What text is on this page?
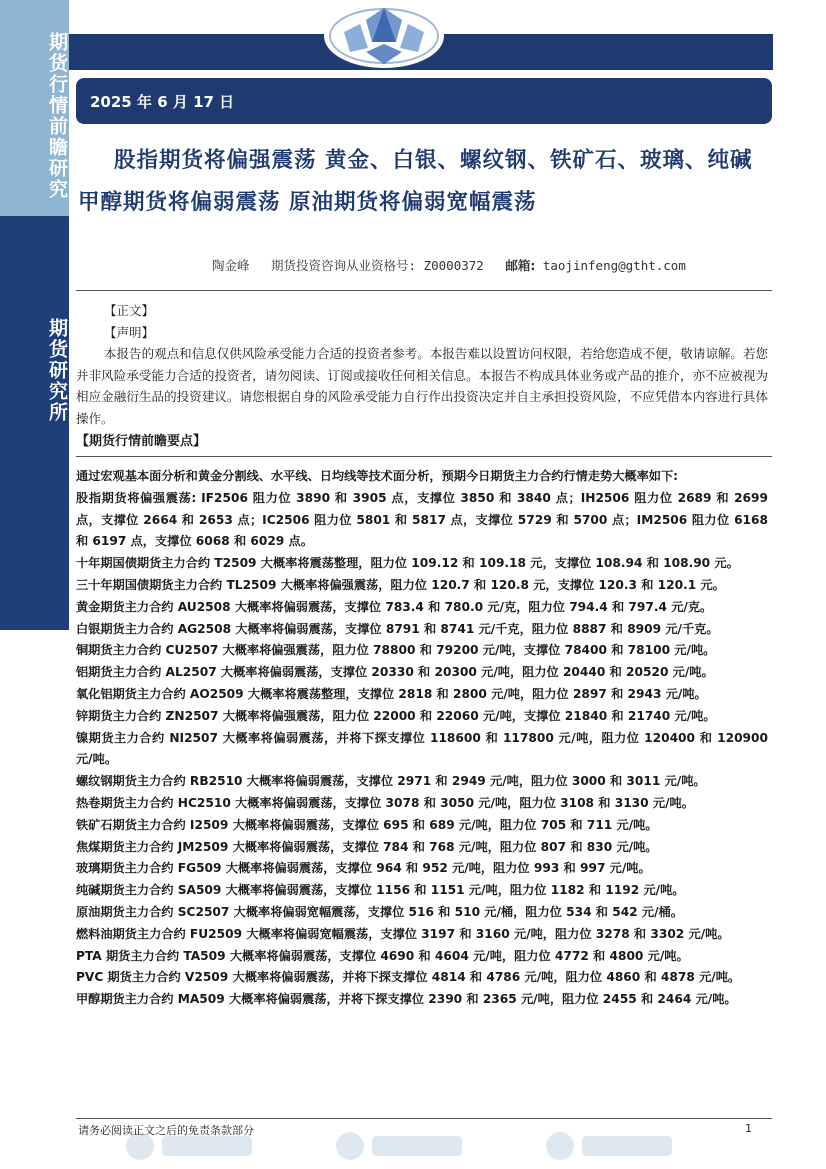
期货行情前瞻研究
期货研究所
2025 年 6 月 17 日
股指期货将偏强震荡 黄金、白银、螺纹钢、铁矿石、玻璃、纯碱甲醇期货将偏弱震荡 原油期货将偏弱宽幅震荡
陶金峰 期货投资咨询从业资格号: Z0000372 邮箱: taojinfeng@gtht.com
【正文】
【声明】

本报告的观点和信息仅供风险承受能力合适的投资者参考。本报告难以设置访问权限，若给您造成不便，敬请谅解。若您并非风险承受能力合适的投资者，请勿阅读、订阅或接收任何相关信息。本报告不构成具体业务或产品的推介，亦不应被视为相应金融衍生品的投资建议。请您根据自身的风险承受能力自行作出投资决定并自主承担投资风险，不应凭借本内容进行具体操作。

【期货行情前瞻要点】

通过宏观基本面分析和黄金分割线、水平线、日均线等技术面分析，预期今日期货主力合约行情走势大概率如下:

股指期货将偏强震荡: IF2506 阻力位 3890 和 3905 点，支撑位 3850 和 3840 点；IH2506 阻力位 2689 和 2699 点，支撑位 2664 和 2653 点；IC2506 阻力位 5801 和 5817 点，支撑位 5729 和 5700 点；IM2506 阻力位 6168 和 6197 点，支撑位 6068 和 6029 点。

十年期国债期货主力合约 T2509 大概率将震荡整理，阻力位 109.12 和 109.18 元，支撑位 108.94 和 108.90 元。

三十年期国债期货主力合约 TL2509 大概率将偏强震荡，阻力位 120.7 和 120.8 元，支撑位 120.3 和 120.1 元。

黄金期货主力合约 AU2508 大概率将偏弱震荡，支撑位 783.4 和 780.0 元/克，阻力位 794.4 和 797.4 元/克。

白银期货主力合约 AG2508 大概率将偏弱震荡，支撑位 8791 和 8741 元/千克，阻力位 8887 和 8909 元/千克。

铜期货主力合约 CU2507 大概率将偏强震荡，阻力位 78800 和 79200 元/吨，支撑位 78400 和 78100 元/吨。

铝期货主力合约 AL2507 大概率将偏弱震荡，支撑位 20330 和 20300 元/吨，阻力位 20440 和 20520 元/吨。

氧化铝期货主力合约 AO2509 大概率将震荡整理，支撑位 2818 和 2800 元/吨，阻力位 2897 和 2943 元/吨。

锌期货主力合约 ZN2507 大概率将偏强震荡，阻力位 22000 和 22060 元/吨，支撑位 21840 和 21740 元/吨。

镍期货主力合约 NI2507 大概率将偏弱震荡，并将下探支撑位 118600 和 117800 元/吨，阻力位 120400 和 120900 元/吨。

螺纹钢期货主力合约 RB2510 大概率将偏弱震荡，支撑位 2971 和 2949 元/吨，阻力位 3000 和 3011 元/吨。

热卷期货主力合约 HC2510 大概率将偏弱震荡，支撑位 3078 和 3050 元/吨，阻力位 3108 和 3130 元/吨。

铁矿石期货主力合约 I2509 大概率将偏弱震荡，支撑位 695 和 689 元/吨，阻力位 705 和 711 元/吨。

焦煤期货主力合约 JM2509 大概率将偏弱震荡，支撑位 784 和 768 元/吨，阻力位 807 和 830 元/吨。

玻璃期货主力合约 FG509 大概率将偏弱震荡，支撑位 964 和 952 元/吨，阻力位 993 和 997 元/吨。

纯碱期货主力合约 SA509 大概率将偏弱震荡，支撑位 1156 和 1151 元/吨，阻力位 1182 和 1192 元/吨。

原油期货主力合约 SC2507 大概率将偏弱宽幅震荡，支撑位 516 和 510 元/桶，阻力位 534 和 542 元/桶。

燃料油期货主力合约 FU2509 大概率将偏弱宽幅震荡，支撑位 3197 和 3160 元/吨，阻力位 3278 和 3302 元/吨。

PTA 期货主力合约 TA509 大概率将偏弱震荡，支撑位 4690 和 4604 元/吨，阻力位 4772 和 4800 元/吨。

PVC 期货主力合约 V2509 大概率将偏弱震荡，并将下探支撑位 4814 和 4786 元/吨，阻力位 4860 和 4878 元/吨。

甲醇期货主力合约 MA509 大概率将偏弱震荡，并将下探支撑位 2390 和 2365 元/吨，阻力位 2455 和 2464 元/吨。

请务必阅读正文之后的免责条款部分	1
